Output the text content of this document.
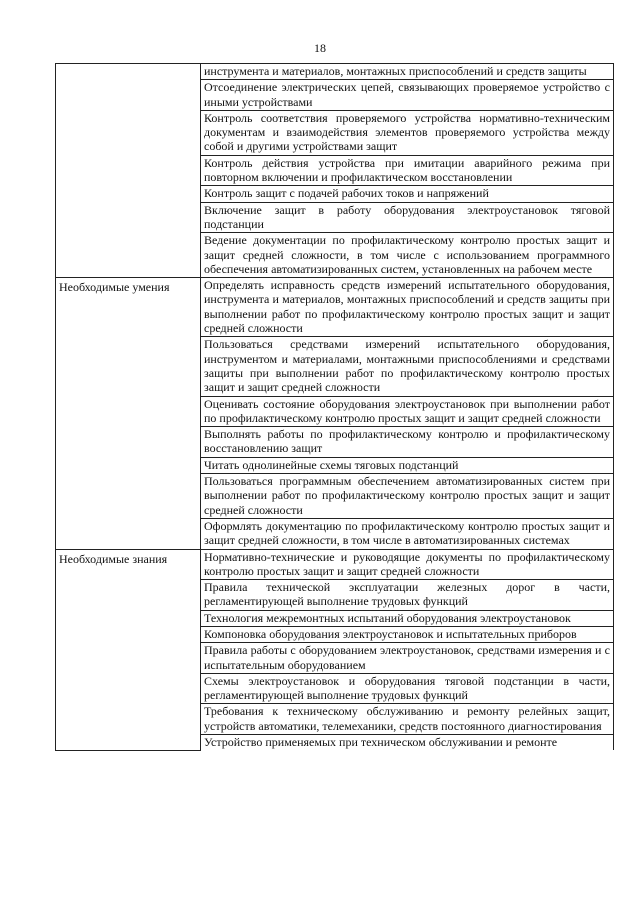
18
	инструмента и материалов, монтажных приспособлений и средств защиты
	Отсоединение электрических цепей, связывающих проверяемое устройство с иными устройствами
	Контроль соответствия проверяемого устройства нормативно-техническим документам и взаимодействия элементов проверяемого устройства между собой и другими устройствами защит
	Контроль действия устройства при имитации аварийного режима при повторном включении и профилактическом восстановлении
	Контроль защит с подачей рабочих токов и напряжений
	Включение защит в работу оборудования электроустановок тяговой подстанции
	Ведение документации по профилактическому контролю простых защит и защит средней сложности, в том числе с использованием программного обеспечения автоматизированных систем, установленных на рабочем месте
Необходимые умения	Определять исправность средств измерений испытательного оборудования, инструмента и материалов, монтажных приспособлений и средств защиты при выполнении работ по профилактическому контролю простых защит и защит средней сложности
	Пользоваться средствами измерений испытательного оборудования, инструментом и материалами, монтажными приспособлениями и средствами защиты при выполнении работ по профилактическому контролю простых защит и защит средней сложности
	Оценивать состояние оборудования электроустановок при выполнении работ по профилактическому контролю простых защит и защит средней сложности
	Выполнять работы по профилактическому контролю и профилактическому восстановлению защит
	Читать однолинейные схемы тяговых подстанций
	Пользоваться программным обеспечением автоматизированных систем при выполнении работ по профилактическому контролю простых защит и защит средней сложности
	Оформлять документацию по профилактическому контролю простых защит и защит средней сложности, в том числе в автоматизированных системах
Необходимые знания	Нормативно-технические и руководящие документы по профилактическому контролю простых защит и защит средней сложности
	Правила технической эксплуатации железных дорог в части, регламентирующей выполнение трудовых функций
	Технология межремонтных испытаний оборудования электроустановок
	Компоновка оборудования электроустановок и испытательных приборов
	Правила работы с оборудованием электроустановок, средствами измерения и с испытательным оборудованием
	Схемы электроустановок и оборудования тяговой подстанции в части, регламентирующей выполнение трудовых функций
	Требования к техническому обслуживанию и ремонту релейных защит, устройств автоматики, телемеханики, средств постоянного диагностирования
	Устройство применяемых при техническом обслуживании и ремонте
